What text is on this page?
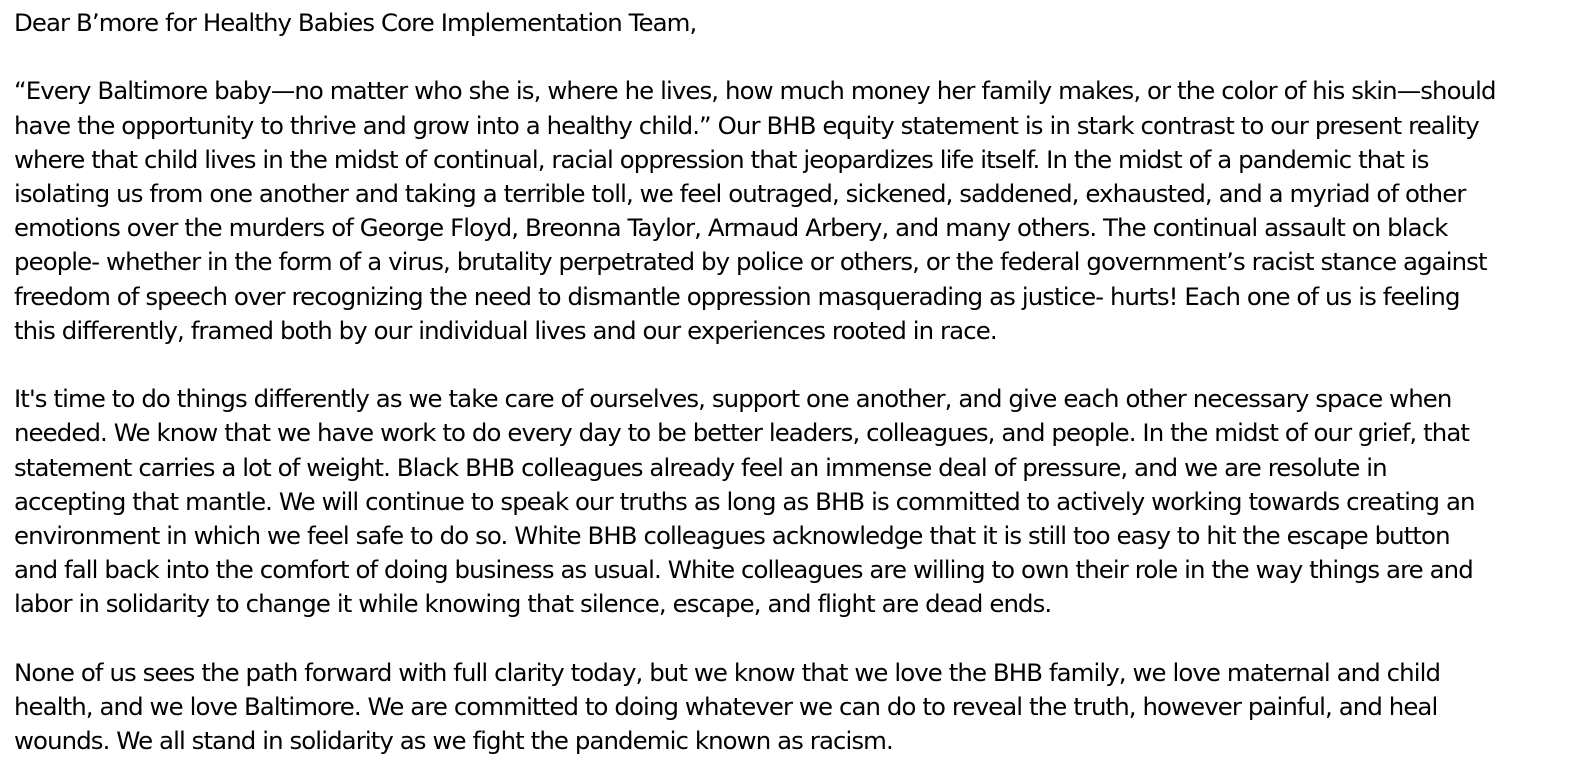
Dear B’more for Healthy Babies Core Implementation Team,

“Every Baltimore baby—no matter who she is, where he lives, how much money her family makes, or the color of his skin—should
have the opportunity to thrive and grow into a healthy child.” Our BHB equity statement is in stark contrast to our present reality
where that child lives in the midst of continual, racial oppression that jeopardizes life itself. In the midst of a pandemic that is
isolating us from one another and taking a terrible toll, we feel outraged, sickened, saddened, exhausted, and a myriad of other
emotions over the murders of George Floyd, Breonna Taylor, Armaud Arbery, and many others. The continual assault on black
people- whether in the form of a virus, brutality perpetrated by police or others, or the federal government’s racist stance against
freedom of speech over recognizing the need to dismantle oppression masquerading as justice- hurts! Each one of us is feeling
this differently, framed both by our individual lives and our experiences rooted in race.

It's time to do things differently as we take care of ourselves, support one another, and give each other necessary space when
needed. We know that we have work to do every day to be better leaders, colleagues, and people. In the midst of our grief, that
statement carries a lot of weight. Black BHB colleagues already feel an immense deal of pressure, and we are resolute in
accepting that mantle. We will continue to speak our truths as long as BHB is committed to actively working towards creating an
environment in which we feel safe to do so. White BHB colleagues acknowledge that it is still too easy to hit the escape button
and fall back into the comfort of doing business as usual. White colleagues are willing to own their role in the way things are and
labor in solidarity to change it while knowing that silence, escape, and flight are dead ends.

None of us sees the path forward with full clarity today, but we know that we love the BHB family, we love maternal and child
health, and we love Baltimore. We are committed to doing whatever we can do to reveal the truth, however painful, and heal
wounds. We all stand in solidarity as we fight the pandemic known as racism.
